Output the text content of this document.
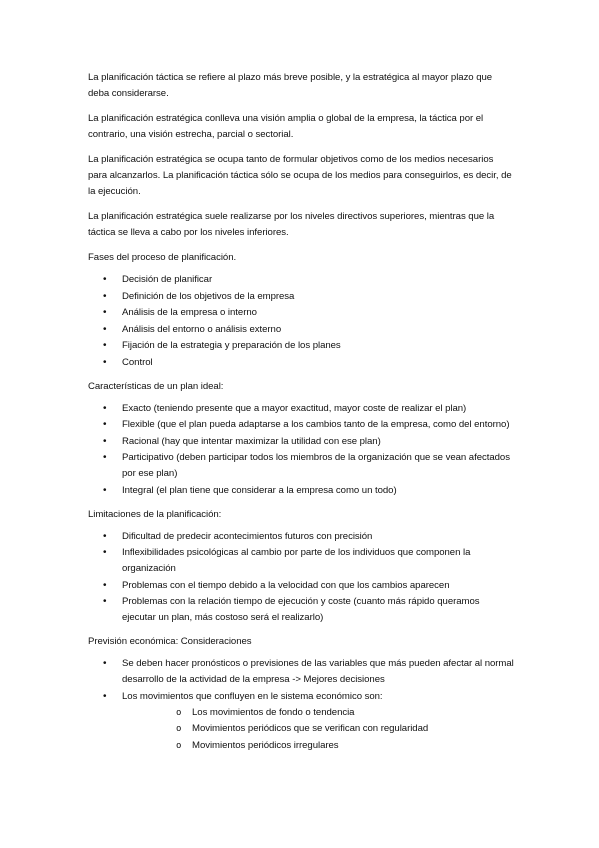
La planificación táctica se refiere al plazo más breve posible, y la estratégica al mayor plazo que deba considerarse.

La planificación estratégica conlleva una visión amplia o global de la empresa, la táctica por el contrario, una visión estrecha, parcial o sectorial.

La planificación estratégica se ocupa tanto de formular objetivos como de los medios necesarios para alcanzarlos. La planificación táctica sólo se ocupa de los medios para conseguirlos, es decir, de la ejecución.

La planificación estratégica suele realizarse por los niveles directivos superiores, mientras que la táctica se lleva a cabo por los niveles inferiores.

Fases del proceso de planificación.

• Decisión de planificar
• Definición de los objetivos de la empresa
• Análisis de la empresa o interno
• Análisis del entorno o análisis externo
• Fijación de la estrategia y preparación de los planes
• Control

Características de un plan ideal:

• Exacto (teniendo presente que a mayor exactitud, mayor coste de realizar el plan)
• Flexible (que el plan pueda adaptarse a los cambios tanto de la empresa, como del entorno)
• Racional (hay que intentar maximizar la utilidad con ese plan)
• Participativo (deben participar todos los miembros de la organización que se vean afectados por ese plan)
• Integral (el plan tiene que considerar a la empresa como un todo)

Limitaciones de la planificación:

• Dificultad de predecir acontecimientos futuros con precisión
• Inflexibilidades psicológicas al cambio por parte de los individuos que componen la organización
• Problemas con el tiempo debido a la velocidad con que los cambios aparecen
• Problemas con la relación tiempo de ejecución y coste (cuanto más rápido queramos ejecutar un plan, más costoso será el realizarlo)

Previsión económica: Consideraciones

• Se deben hacer pronósticos o previsiones de las variables que más pueden afectar al normal desarrollo de la actividad de la empresa -> Mejores decisiones
• Los movimientos que confluyen en le sistema económico son:
o Los movimientos de fondo o tendencia
o Movimientos periódicos que se verifican con regularidad
o Movimientos periódicos irregulares
